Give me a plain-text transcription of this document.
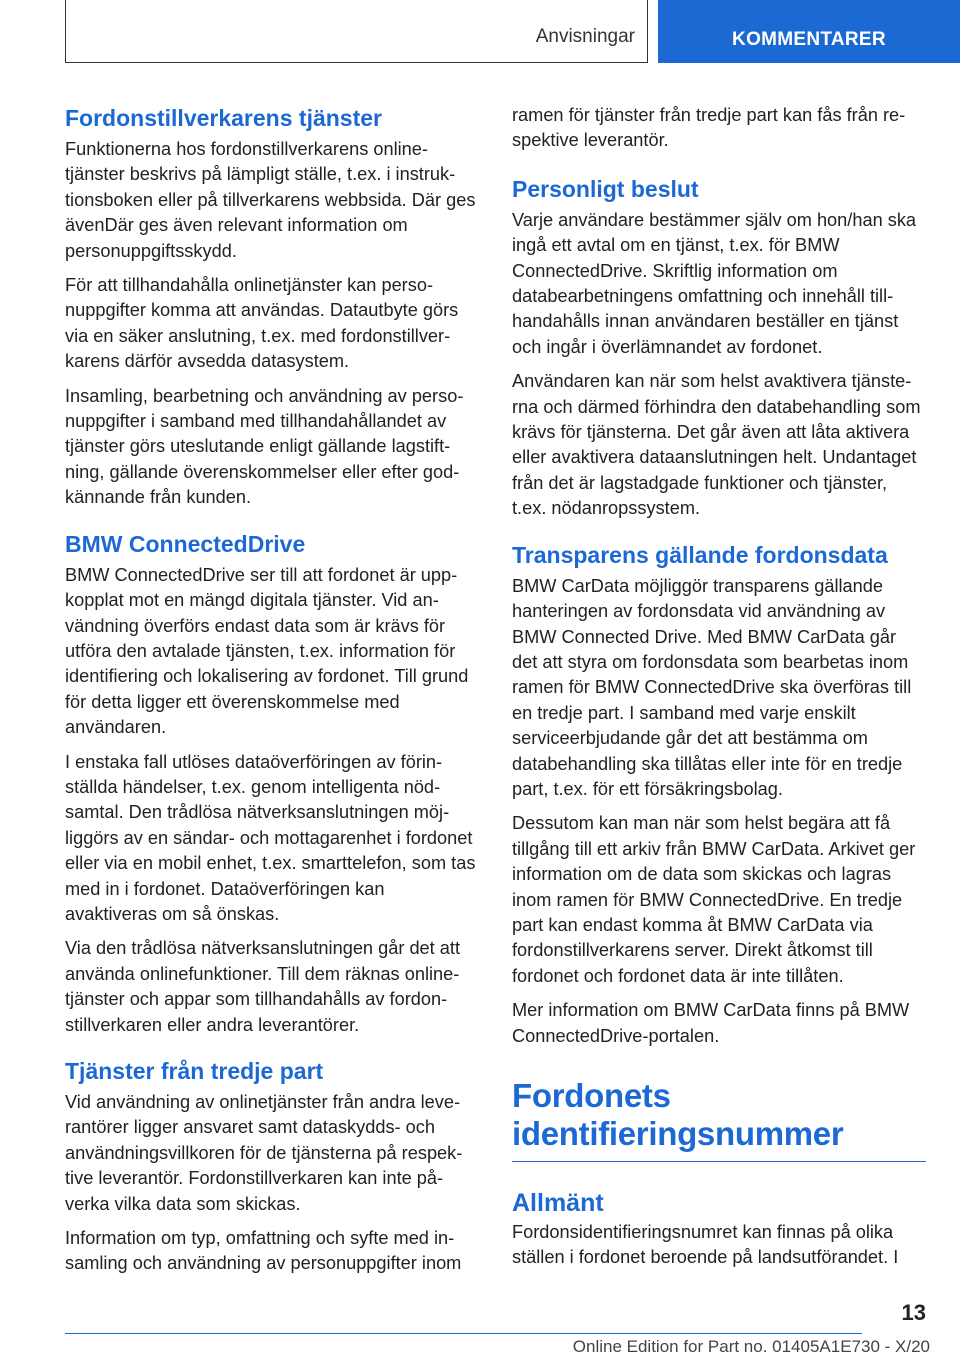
Anvisningar	KOMMENTARER
Fordonstillverkarens tjänster

Funktionerna hos fordonstillverkarens onlinetjänster beskrivs på lämpligt ställe, t.ex. i instruktionsboken eller på tillverkarens webbsida. Där ges ävenDär ges även relevant information om personuppgiftsskydd.

För att tillhandahålla onlinetjänster kan personuppgifter komma att användas. Datautbyte görs via en säker anslutning, t.ex. med fordonstillverkarens därför avsedda datasystem.

Insamling, bearbetning och användning av personuppgifter i samband med tillhandahållandet av tjänster görs uteslutande enligt gällande lagstiftning, gällande överenskommelser eller efter godkännande från kunden.

BMW ConnectedDrive

BMW ConnectedDrive ser till att fordonet är uppkopplat mot en mängd digitala tjänster. Vid användning överförs endast data som är krävs för utföra den avtalade tjänsten, t.ex. information för identifiering och lokalisering av fordonet. Till grund för detta ligger ett överenskommelse med användaren.

I enstaka fall utlöses dataöverföringen av förinställda händelser, t.ex. genom intelligenta nödsamtal. Den trådlösa nätverksanslutningen möjliggörs av en sändar- och mottagarenhet i fordonet eller via en mobil enhet, t.ex. smarttelefon, som tas med in i fordonet. Dataöverföringen kan avaktiveras om så önskas.

Via den trådlösa nätverksanslutningen går det att använda onlinefunktioner. Till dem räknas onlinetjänster och appar som tillhandahålls av fordonstillverkaren eller andra leverantörer.

Tjänster från tredje part

Vid användning av onlinetjänster från andra leverantörer ligger ansvaret samt dataskydds- och användningsvillkoren för de tjänsterna på respektive leverantör. Fordonstillverkaren kan inte påverka vilka data som skickas.

Information om typ, omfattning och syfte med insamling och användning av personuppgifter inom

ramen för tjänster från tredje part kan fås från respektive leverantör.

Personligt beslut

Varje användare bestämmer själv om hon/han ska ingå ett avtal om en tjänst, t.ex. för BMW ConnectedDrive. Skriftlig information om databearbetningens omfattning och innehåll tillhandahålls innan användaren beställer en tjänst och ingår i överlämnandet av fordonet.

Användaren kan när som helst avaktivera tjänsterna och därmed förhindra den databehandling som krävs för tjänsterna. Det går även att låta aktivera eller avaktivera dataanslutningen helt. Undantaget från det är lagstadgade funktioner och tjänster, t.ex. nödanropssystem.

Transparens gällande fordonsdata

BMW CarData möjliggör transparens gällande hanteringen av fordonsdata vid användning av BMW Connected Drive. Med BMW CarData går det att styra om fordonsdata som bearbetas inom ramen för BMW ConnectedDrive ska överföras till en tredje part. I samband med varje enskilt serviceerbjudande går det att bestämma om databehandling ska tillåtas eller inte för en tredje part, t.ex. för ett försäkringsbolag.

Dessutom kan man när som helst begära att få tillgång till ett arkiv från BMW CarData. Arkivet ger information om de data som skickas och lagras inom ramen för BMW ConnectedDrive. En tredje part kan endast komma åt BMW CarData via fordonstillverkarens server. Direkt åtkomst till fordonet och fordonet data är inte tillåten.

Mer information om BMW CarData finns på BMW ConnectedDrive-portalen.

Fordonets identifieringsnummer
Allmänt

Fordonsidentifieringsnumret kan finnas på olika ställen i fordonet beroende på landsutförandet. I

13
Online Edition for Part no. 01405A1E730 - X/20
